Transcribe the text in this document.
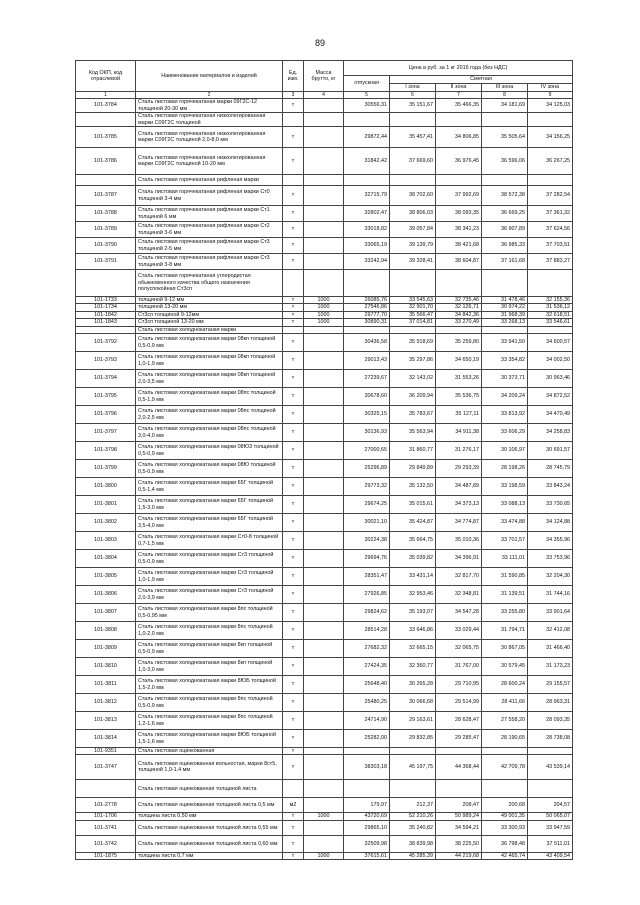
89
Код ОКП, код отраслевой	Наименование материалов и изделий	Ед. изм.	Масса брутто, кг	Цена в руб. за 1 кг 2016 года (без НДС)				
				отпускная	Сметная			
					I зона	II зона	III зона	IV зона
1	2	3	4	5	6	7	8	9
101-3784	Сталь листовая горячекатаная марки 09Г2С-12 толщиной 20-30 мм	т		30556,31	35 151,67	35 466,35	34 181,69	34 125,03
	Сталь листовая горячекатаная низколегированная марки С09Г2С толщиной							
101-3785	Сталь листовая горячекатаная низколегированная марки С09Г2С толщиной 2,0-8,0 мм	т		29872,44	35 457,41	34 806,85	35 505,64	34 156,25
101-3786	Сталь листовая горячекатаная низколегированная марки С09Г2С толщиной 10-20 мм	т		31842,42	37 669,60	36 976,45	36 596,06	36 267,25
	Сталь листовая горячекатаная рифленая марки							
101-3787	Сталь листовая горячекатаная рифленая марки Ст0 толщиной 3-4 мм	т		32715,79	38 702,60	37 992,69	38 572,38	37 282,54
101-3788	Сталь листовая горячекатаная рифленая марки Ст1 толщиной 6 мм	т		32802,47	38 806,03	38 093,35	36 669,25	37 361,32
101-3789	Сталь листовая горячекатаная рифленая марки Ст2 толщиной 3-6 мм	т		33018,82	39 057,84	38 341,23	36 907,89	37 624,56
101-3790	Сталь листовая горячекатаная рифленая марки Ст3 толщиной 2-5 мм	т		33065,19	39 139,79	38 421,68	36 985,33	37 703,51
101-3791	Сталь листовая горячекатаная рифленая марки Ст3 толщиной 3-8 мм	т		33242,94	39 328,41	38 604,87	37 161,68	37 883,27
	Сталь листовая горячекатаная углеродистая обыкновенного качества общего назначения полуспокойная Ст3сп							
101-1733	толщиной 9-12 мм	т	1000	26085,76	33 545,63	32 735,46	31 478,46	32 155,36
101-1734	толщиной 13-20 мм	т	1000	27546,86	32 901,70	32 126,71	30 974,22	31 536,12
101-1842	Ст3сп толщиной 9-12мм	т	1000	29777,70	35 566,47	34 842,36	31 968,39	32 618,51
101-1843	Ст3сп толщиной 13-20 мм	т	1000	30890,31	37 014,81	33 270,49	33 268,13	33 546,61
	Сталь листовая холоднокатаная марки							
101-3792	Сталь листовая холоднокатаная марки 08кп толщиной 0,5-0,9 мм	т		30436,58	35 918,69	35 259,80	33 941,50	34 600,57
101-3793	Сталь листовая холоднокатаная марки 08кп толщиной 1,0-1,9 мм	т		29013,43	35 297,86	34 650,19	33 354,82	34 002,50
101-3794	Сталь листовая холоднокатаная марки 08кп толщиной 2,0-3,5 мм	т		27239,67	32 143,02	31 553,26	30 373,71	30 963,46
101-3795	Сталь листовая холоднокатаная марки 08пс толщиной 0,5-1,9 мм	т		30678,60	36 209,94	35 536,75	34 209,24	34 872,52
101-3796	Сталь листовая холоднокатаная марки 08пс толщиной 2,0-2,5 мм	т		30325,15	35 783,67	35 127,11	33 813,92	34 470,49
101-3797	Сталь листовая холоднокатаная марки 08пс толщиной 3,0-4,0 мм	т		30136,93	35 563,94	34 911,38	33 606,29	34 258,83
101-3798	Сталь листовая холоднокатаная марки 08Ю3 толщиной 0,5-0,9 мм	т		27000,65	31 860,77	31 276,17	30 106,97	30 691,57
101-3799	Сталь листовая холоднокатаная марки 08Ю толщиной 0,5-0,9 мм	т		25296,89	29 849,89	29 293,39	28 198,26	28 745,79
101-3800	Сталь листовая холоднокатаная марки 65Г толщиной 0,5-1,4 мм	т		29773,32	35 132,50	34 487,89	33 198,59	33 843,24
101-3801	Сталь листовая холоднокатаная марки 65Г толщиной 1,5-3,0 мм	т		29674,25	35 015,61	34 373,13	33 088,13	33 730,65
101-3802	Сталь листовая холоднокатаная марки 65Г толщиной 3,5-4,0 мм	т		30021,10	35 424,87	34 774,87	33 474,88	34 124,88
101-3803	Сталь листовая холоднокатаная марки Ст0-8 толщиной 0,7-1,5 мм	т		30224,38	35 664,75	35 010,36	33 701,57	34 355,96
101-3804	Сталь листовая холоднокатаная марки Ст3 толщиной 0,5-0,9 мм	т		29694,76	35 039,82	34 396,91	33 111,01	33 753,96
101-3805	Сталь листовая холоднокатаная марки Ст3 толщиной 1,0-1,9 мм	т		28351,47	33 431,14	32 817,70	31 590,85	32 204,30
101-3806	Сталь листовая холоднокатаная марки Ст3 толщиной 2,0-3,9 мм	т		27926,85	32 953,46	32 348,81	31 139,51	31 744,16
101-3807	Сталь листовая холоднокатаная марки 8пс толщиной 0,5-0,95 мм	т		29824,62	35 193,07	34 547,28	33 255,80	33 901,64
101-3808	Сталь листовая холоднокатаная марки 8пс толщиной 1,0-2,0 мм	т		28514,28	33 646,86	33 029,44	31 794,71	32 412,08
101-3809	Сталь листовая холоднокатаная марки 8кп толщиной 0,5-0,9 мм	т		27682,32	32 665,15	32 065,75	30 867,05	31 466,40
101-3810	Сталь листовая холоднокатаная марки 8кп толщиной 1,0-3,0 мм	т		27424,35	32 360,77	31 767,00	30 579,45	31 173,23
101-3811	Сталь листовая холоднокатаная марки 8ЮБ толщиной 1,5-2,0 мм	т		25648,40	30 265,28	29 710,95	28 600,24	29 155,57
101-3812	Сталь листовая холоднокатаная марки 8пс толщиной 0,5-0,9 мм	т		25480,25	30 066,68	29 514,99	28 411,66	28 963,31
101-3813	Сталь листовая холоднокатаная марки 8пс толщиной 1,2-1,6 мм	т		24714,90	29 163,61	28 628,47	27 558,20	28 093,35
101-3814	Сталь листовая холоднокатаная марки 8ЮБ толщиной 1,5-1,6 мм	т		25282,00	29 832,85	29 285,47	28 190,65	28 738,08
101-9351	Сталь листовая оцинкованная	т						
101-3747	Сталь листовая оцинкованная вольностая, марки 8ст5, толщиной 1,0-1,4 мм	т		38303,18	45 197,75	44 368,44	42 709,78	43 539,14
	Сталь листовая оцинкованная толщиной листа							
101-2778	Сталь листовая оцинкованная толщиной листа 0,5 мм	м2		179,97	212,37	208,47	200,68	204,57
101-1706	толщина листа 0,50 мм	т	1000	43720,69	52 210,26	50 989,24	49 001,35	50 065,07
101-3741	Сталь листовая оцинкованная толщиной листа 0,55 мм	т		29865,10	35 240,82	34 594,21	33 300,93	33 947,59
101-3742	Сталь листовая оцинкованная толщиной листа 0,60 мм	т		32509,98	38 839,98	38 225,50	36 798,48	37 511,01
101-1875	толщина листа 0,7 мм	т	1000	37615,61	45 285,39	44 219,68	42 465,74	43 409,54
